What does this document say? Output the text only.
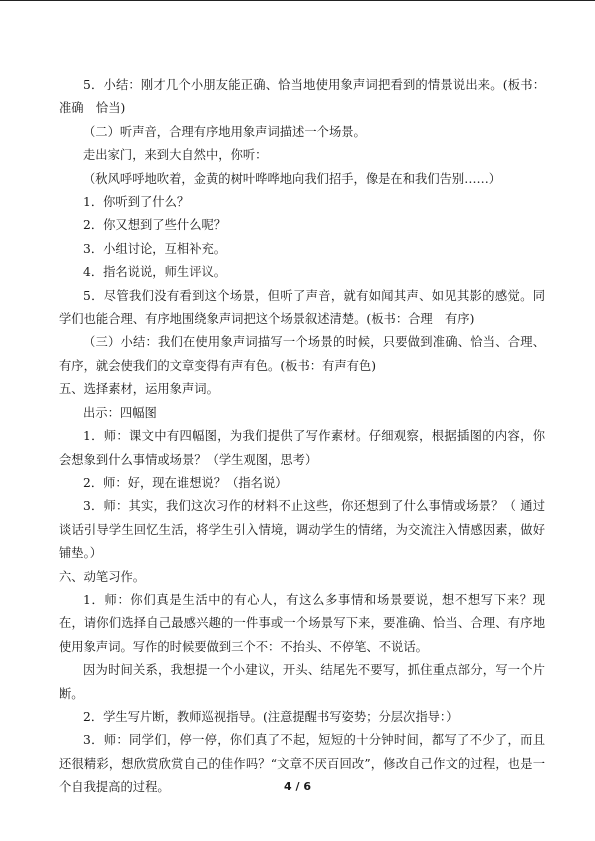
5．小结：刚才几个小朋友能正确、恰当地使用象声词把看到的情景说出来。(板书：准确　恰当)

（二）听声音，合理有序地用象声词描述一个场景。

走出家门，来到大自然中，你听：

（秋风呼呼地吹着，金黄的树叶哗哗地向我们招手，像是在和我们告别……）

1．你听到了什么？

2．你又想到了些什么呢？

3．小组讨论，互相补充。

4．指名说说，师生评议。

5．尽管我们没有看到这个场景，但听了声音，就有如闻其声、如见其影的感觉。同学们也能合理、有序地围绕象声词把这个场景叙述清楚。(板书：合理　有序)

（三）小结：我们在使用象声词描写一个场景的时候，只要做到准确、恰当、合理、有序，就会使我们的文章变得有声有色。(板书：有声有色)

五、选择素材，运用象声词。

出示：四幅图

1．师：课文中有四幅图，为我们提供了写作素材。仔细观察，根据插图的内容，你会想象到什么事情或场景？（学生观图，思考）

2．师：好，现在谁想说？（指名说）

3．师：其实，我们这次习作的材料不止这些，你还想到了什么事情或场景？（ 通过谈话引导学生回忆生活，将学生引入情境，调动学生的情绪，为交流注入情感因素，做好铺垫。）

六、动笔习作。

1．师：你们真是生活中的有心人，有这么多事情和场景要说，想不想写下来？现在，请你们选择自己最感兴趣的一件事或一个场景写下来，要准确、恰当、合理、有序地使用象声词。写作的时候要做到三个不：不抬头、不停笔、不说话。

因为时间关系，我想提一个小建议，开头、结尾先不要写，抓住重点部分，写一个片断。

2．学生写片断，教师巡视指导。(注意提醒书写姿势；分层次指导：）

3．师：同学们，停一停，你们真了不起，短短的十分钟时间，都写了不少了，而且还很精彩，想欣赏欣赏自己的佳作吗？“文章不厌百回改”，修改自己作文的过程，也是一个自我提高的过程。	4 / 6
